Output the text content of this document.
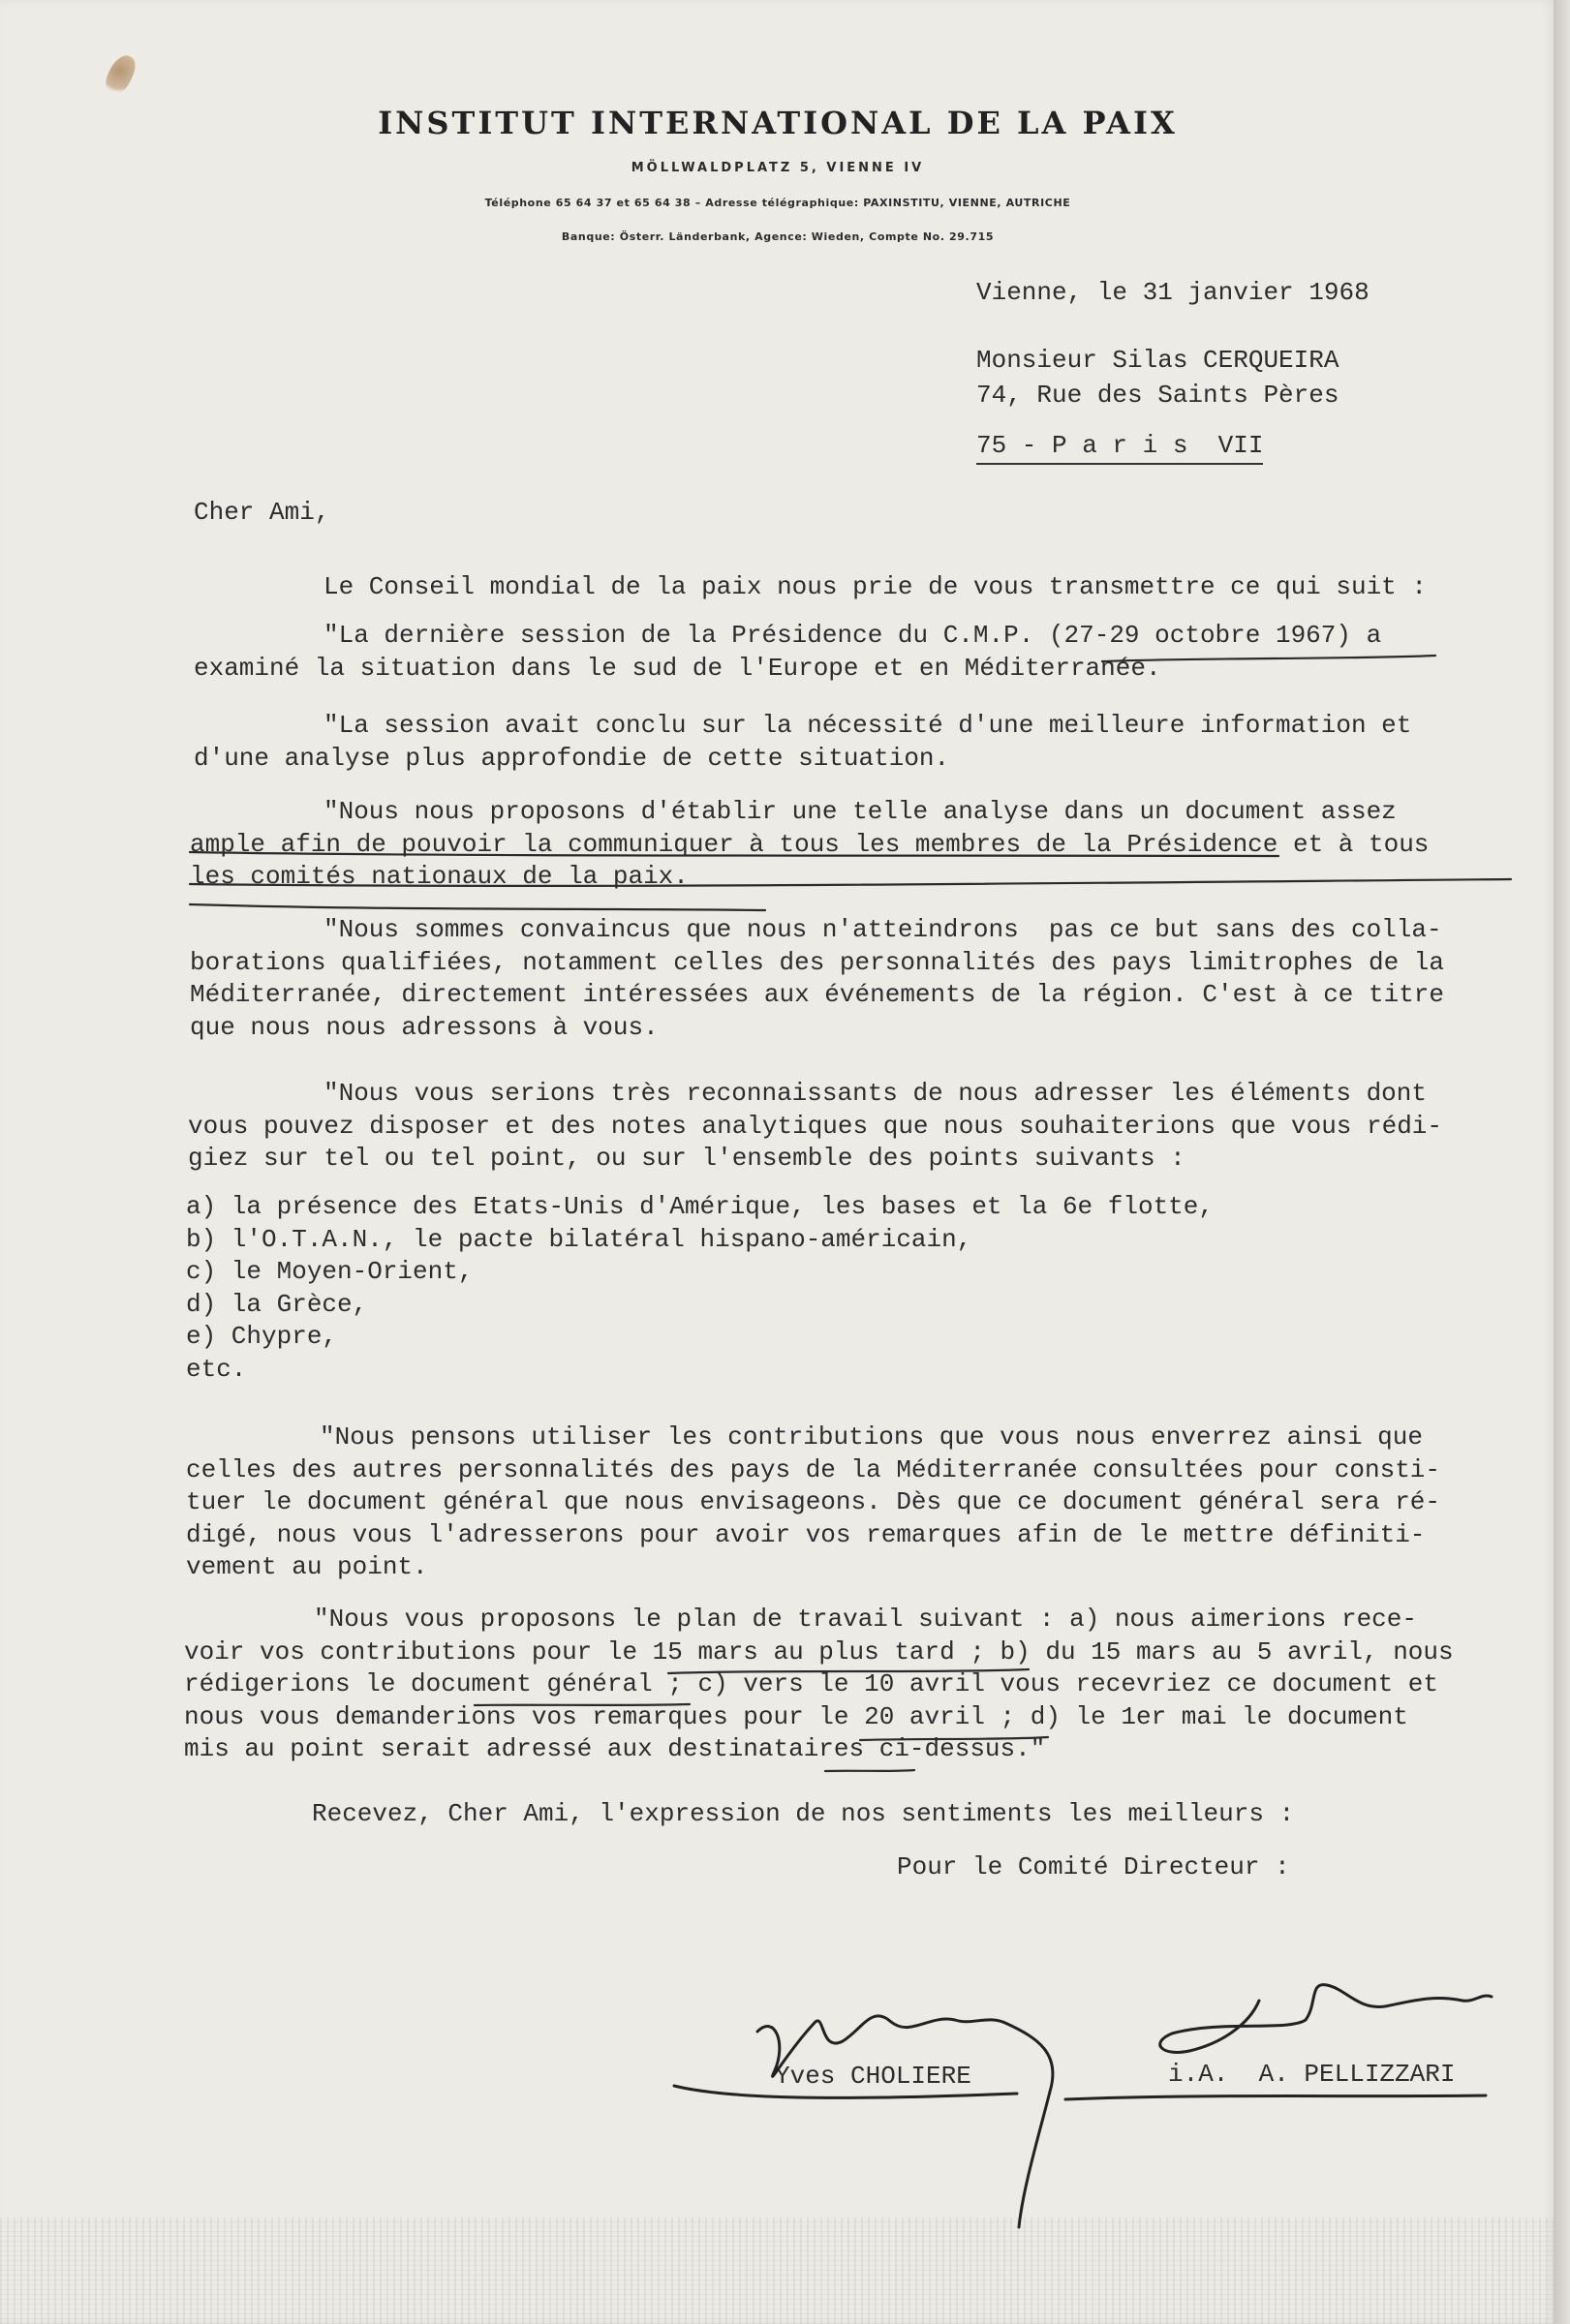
INSTITUT INTERNATIONAL DE LA PAIX
MÖLLWALDPLATZ 5, VIENNE IV
Téléphone 65 64 37 et 65 64 38 – Adresse télégraphique: PAXINSTITU, VIENNE, AUTRICHE
Banque: Österr. Länderbank, Agence: Wieden, Compte No. 29.715
Vienne, le 31 janvier 1968
Monsieur Silas CERQUEIRA
74, Rue des Saints Pères
75 - P a r i s  VII
Cher Ami,
Le Conseil mondial de la paix nous prie de vous transmettre ce qui suit :
"La dernière session de la Présidence du C.M.P. (27-29 octobre 1967) a
examiné la situation dans le sud de l'Europe et en Méditerranée.
"La session avait conclu sur la nécessité d'une meilleure information et
d'une analyse plus approfondie de cette situation.
"Nous nous proposons d'établir une telle analyse dans un document assez
ample afin de pouvoir la communiquer à tous les membres de la Présidence et à tous
les comités nationaux de la paix.
"Nous sommes convaincus que nous n'atteindrons  pas ce but sans des colla-
borations qualifiées, notamment celles des personnalités des pays limitrophes de la
Méditerranée, directement intéressées aux événements de la région. C'est à ce titre
que nous nous adressons à vous.
"Nous vous serions très reconnaissants de nous adresser les éléments dont
vous pouvez disposer et des notes analytiques que nous souhaiterions que vous rédi-
giez sur tel ou tel point, ou sur l'ensemble des points suivants :
a) la présence des Etats-Unis d'Amérique, les bases et la 6e flotte,
b) l'O.T.A.N., le pacte bilatéral hispano-américain,
c) le Moyen-Orient,
d) la Grèce,
e) Chypre,
etc.
"Nous pensons utiliser les contributions que vous nous enverrez ainsi que
celles des autres personnalités des pays de la Méditerranée consultées pour consti-
tuer le document général que nous envisageons. Dès que ce document général sera ré-
digé, nous vous l'adresserons pour avoir vos remarques afin de le mettre définiti-
vement au point.
"Nous vous proposons le plan de travail suivant : a) nous aimerions rece-
voir vos contributions pour le 15 mars au plus tard ; b) du 15 mars au 5 avril, nous
rédigerions le document général ; c) vers le 10 avril vous recevriez ce document et
nous vous demanderions vos remarques pour le 20 avril ; d) le 1er mai le document
mis au point serait adressé aux destinataires ci-dessus."
Recevez, Cher Ami, l'expression de nos sentiments les meilleurs :
Pour le Comité Directeur :
Yves CHOLIERE	i.A.  A. PELLIZZARI
